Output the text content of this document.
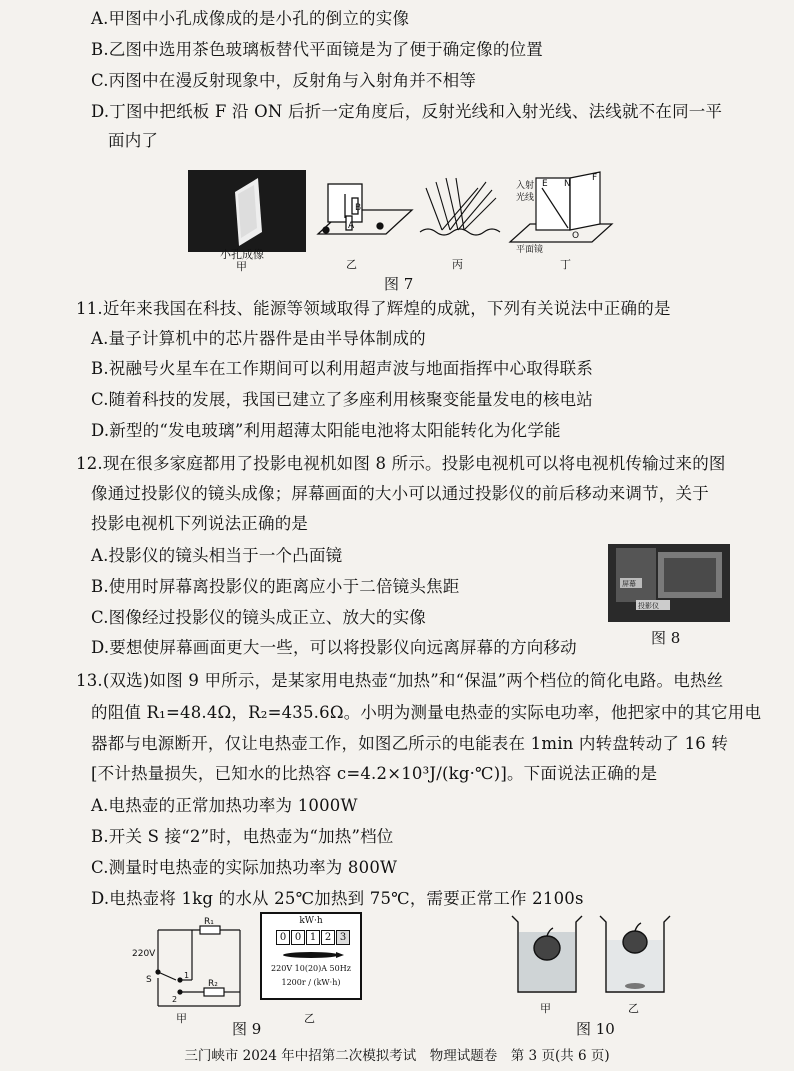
A.甲图中小孔成像成的是小孔的倒立的实像
B.乙图中选用茶色玻璃板替代平面镜是为了便于确定像的位置
C.丙图中在漫反射现象中，反射角与入射角并不相等
D.丁图中把纸板 F 沿 ON 后折一定角度后，反射光线和入射光线、法线就不在同一平
面内了
小孔成像
甲
B
A
乙	丙
入射
光线
E N
F
O
平面镜
丁
图 7
11.近年来我国在科技、能源等领域取得了辉煌的成就，下列有关说法中正确的是
A.量子计算机中的芯片器件是由半导体制成的
B.祝融号火星车在工作期间可以利用超声波与地面指挥中心取得联系
C.随着科技的发展，我国已建立了多座利用核聚变能量发电的核电站
D.新型的“发电玻璃”利用超薄太阳能电池将太阳能转化为化学能
12.现在很多家庭都用了投影电视机如图 8 所示。投影电视机可以将电视机传输过来的图
像通过投影仪的镜头成像；屏幕画面的大小可以通过投影仪的前后移动来调节，关于
投影电视机下列说法正确的是
A.投影仪的镜头相当于一个凸面镜
B.使用时屏幕离投影仪的距离应小于二倍镜头焦距
C.图像经过投影仪的镜头成正立、放大的实像
D.要想使屏幕画面更大一些，可以将投影仪向远离屏幕的方向移动
屏幕
投影仪
图 8
13.(双选)如图 9 甲所示，是某家用电热壶“加热”和“保温”两个档位的简化电路。电热丝
的阻值 R₁=48.4Ω，R₂=435.6Ω。小明为测量电热壶的实际电功率，他把家中的其它用电
器都与电源断开，仅让电热壶工作，如图乙所示的电能表在 1min 内转盘转动了 16 转
[不计热量损失，已知水的比热容 c=4.2×10³J/(kg·℃)]。下面说法正确的是
A.电热壶的正常加热功率为 1000W
B.开关 S 接“2”时，电热壶为“加热”档位
C.测量时电热壶的实际加热功率为 800W
D.电热壶将 1kg 的水从 25℃加热到 75℃，需要正常工作 2100s
R₁
R₂
220V
S	1
2
甲
kW·h
0 0 1 2 3
220V 10(20)A 50Hz
1200r / (kW·h)
乙
图 9
甲	乙
图 10
三门峡市 2024 年中招第二次模拟考试　物理试题卷　第 3 页(共 6 页)
